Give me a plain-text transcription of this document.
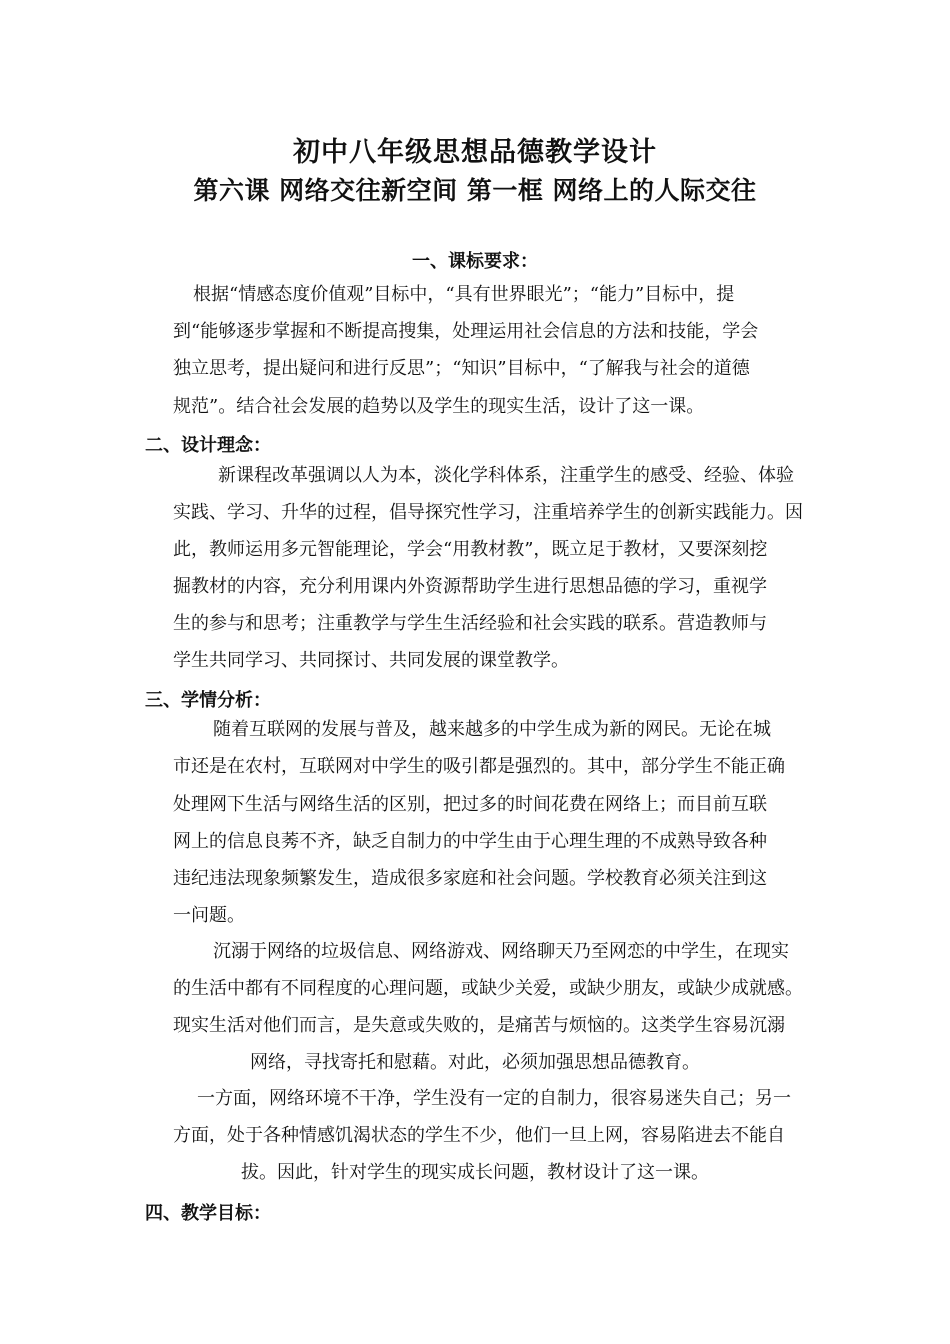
初中八年级思想品德教学设计
第六课 网络交往新空间 第一框 网络上的人际交往
一、课标要求：
根据“情感态度价值观”目标中，“具有世界眼光”；“能力”目标中，提
到“能够逐步掌握和不断提高搜集，处理运用社会信息的方法和技能，学会
独立思考，提出疑问和进行反思”；“知识”目标中，“了解我与社会的道德
规范”。结合社会发展的趋势以及学生的现实生活，设计了这一课。
二、设计理念：
新课程改革强调以人为本，淡化学科体系，注重学生的感受、经验、体验
实践、学习、升华的过程，倡导探究性学习，注重培养学生的创新实践能力。因
此，教师运用多元智能理论，学会“用教材教”，既立足于教材，又要深刻挖
掘教材的内容，充分利用课内外资源帮助学生进行思想品德的学习，重视学
生的参与和思考；注重教学与学生生活经验和社会实践的联系。营造教师与
学生共同学习、共同探讨、共同发展的课堂教学。
三、学情分析：
随着互联网的发展与普及，越来越多的中学生成为新的网民。无论在城
市还是在农村，互联网对中学生的吸引都是强烈的。其中，部分学生不能正确
处理网下生活与网络生活的区别，把过多的时间花费在网络上；而目前互联
网上的信息良莠不齐，缺乏自制力的中学生由于心理生理的不成熟导致各种
违纪违法现象频繁发生，造成很多家庭和社会问题。学校教育必须关注到这
一问题。
沉溺于网络的垃圾信息、网络游戏、网络聊天乃至网恋的中学生，在现实
的生活中都有不同程度的心理问题，或缺少关爱，或缺少朋友，或缺少成就感。
现实生活对他们而言，是失意或失败的，是痛苦与烦恼的。这类学生容易沉溺
网络，寻找寄托和慰藉。对此，必须加强思想品德教育。
一方面，网络环境不干净，学生没有一定的自制力，很容易迷失自己；另一
方面，处于各种情感饥渴状态的学生不少，他们一旦上网，容易陷进去不能自
拔。因此，针对学生的现实成长问题，教材设计了这一课。
四、教学目标：
